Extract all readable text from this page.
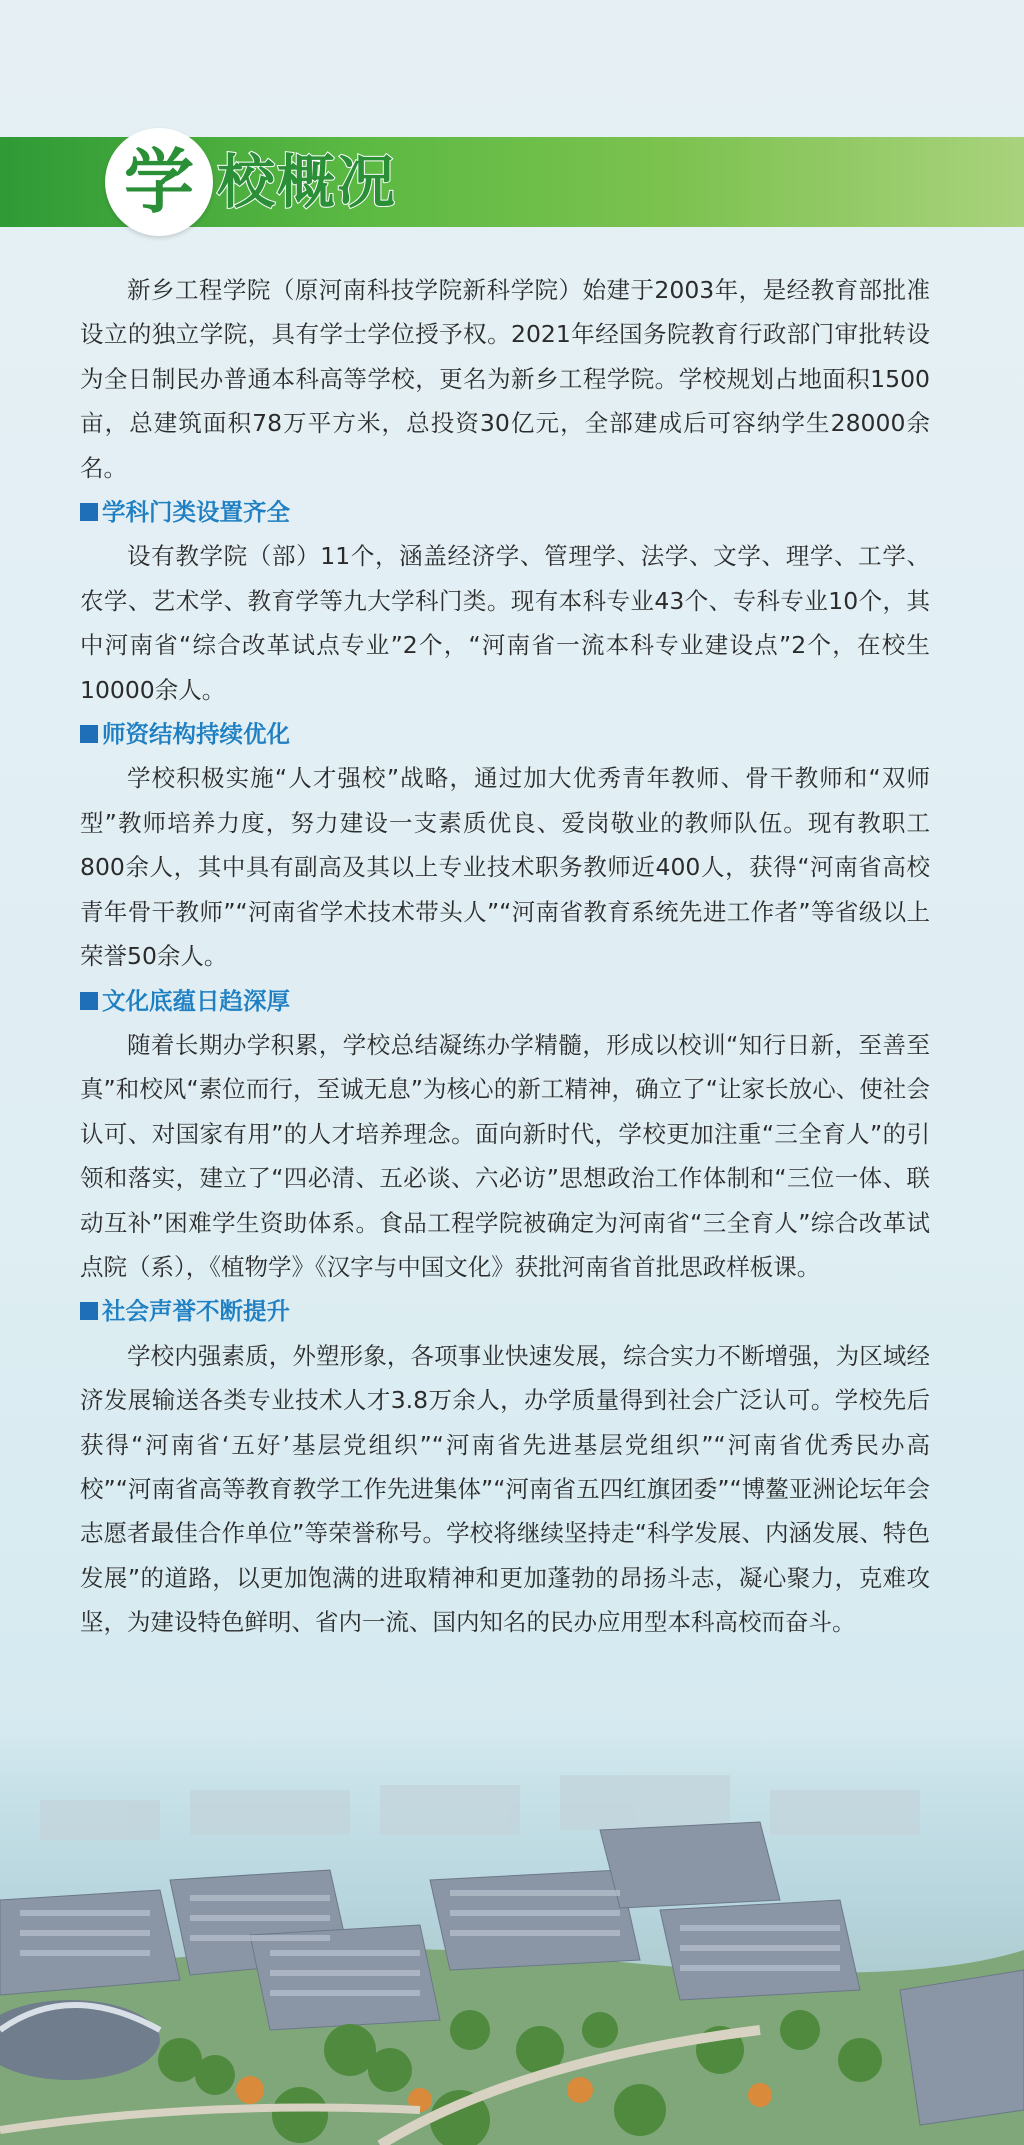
学 校概况

新乡工程学院（原河南科技学院新科学院）始建于2003年，是经教育部批准设立的独立学院，具有学士学位授予权。2021年经国务院教育行政部门审批转设为全日制民办普通本科高等学校，更名为新乡工程学院。学校规划占地面积1500亩，总建筑面积78万平方米，总投资30亿元，全部建成后可容纳学生28000余名。

学科门类设置齐全

设有教学院（部）11个，涵盖经济学、管理学、法学、文学、理学、工学、农学、艺术学、教育学等九大学科门类。现有本科专业43个、专科专业10个，其中河南省“综合改革试点专业”2个，“河南省一流本科专业建设点”2个，在校生10000余人。

师资结构持续优化

学校积极实施“人才强校”战略，通过加大优秀青年教师、骨干教师和“双师型”教师培养力度，努力建设一支素质优良、爱岗敬业的教师队伍。现有教职工800余人，其中具有副高及其以上专业技术职务教师近400人，获得“河南省高校青年骨干教师”“河南省学术技术带头人”“河南省教育系统先进工作者”等省级以上荣誉50余人。

文化底蕴日趋深厚

随着长期办学积累，学校总结凝练办学精髓，形成以校训“知行日新，至善至真”和校风“素位而行，至诚无息”为核心的新工精神，确立了“让家长放心、使社会认可、对国家有用”的人才培养理念。面向新时代，学校更加注重“三全育人”的引领和落实，建立了“四必清、五必谈、六必访”思想政治工作体制和“三位一体、联动互补”困难学生资助体系。食品工程学院被确定为河南省“三全育人”综合改革试点院（系），《植物学》《汉字与中国文化》获批河南省首批思政样板课。

社会声誉不断提升

学校内强素质，外塑形象，各项事业快速发展，综合实力不断增强，为区域经济发展输送各类专业技术人才3.8万余人，办学质量得到社会广泛认可。学校先后获得“河南省‘五好’基层党组织”“河南省先进基层党组织”“河南省优秀民办高校”“河南省高等教育教学工作先进集体”“河南省五四红旗团委”“博鳌亚洲论坛年会志愿者最佳合作单位”等荣誉称号。学校将继续坚持走“科学发展、内涵发展、特色发展”的道路，以更加饱满的进取精神和更加蓬勃的昂扬斗志，凝心聚力，克难攻坚，为建设特色鲜明、省内一流、国内知名的民办应用型本科高校而奋斗。
